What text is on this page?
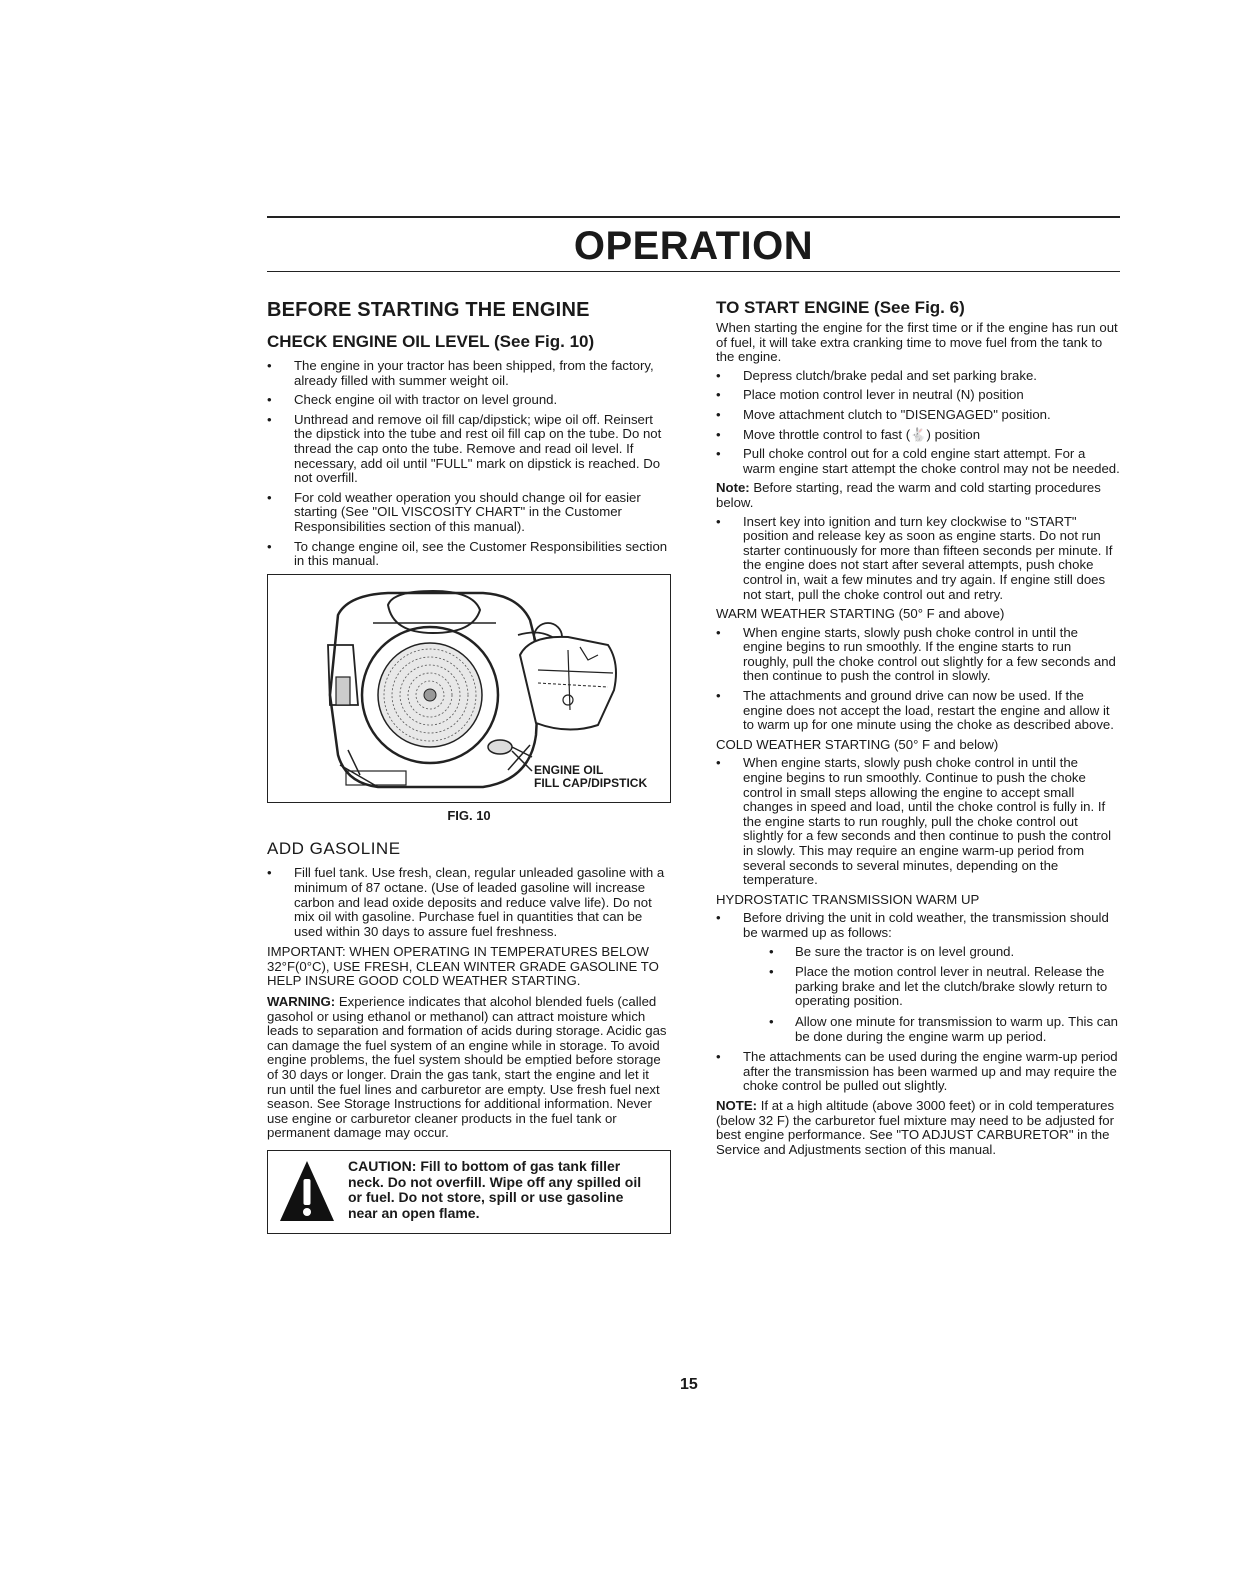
OPERATION
BEFORE STARTING THE ENGINE
CHECK ENGINE OIL LEVEL (See Fig. 10)
• The engine in your tractor has been shipped, from the factory, already filled with summer weight oil.
• Check engine oil with tractor on level ground.
• Unthread and remove oil fill cap/dipstick; wipe oil off. Reinsert the dipstick into the tube and rest oil fill cap on the tube. Do not thread the cap onto the tube. Remove and read oil level. If necessary, add oil until "FULL" mark on dipstick is reached. Do not overfill.
• For cold weather operation you should change oil for easier starting (See "OIL VISCOSITY CHART" in the Customer Responsibilities section of this manual).
• To change engine oil, see the Customer Responsibilities section in this manual.
ENGINE OIL
FILL CAP/DIPSTICK
FIG. 10
ADD GASOLINE
• Fill fuel tank. Use fresh, clean, regular unleaded gasoline with a minimum of 87 octane. (Use of leaded gasoline will increase carbon and lead oxide deposits and reduce valve life). Do not mix oil with gasoline. Purchase fuel in quantities that can be used within 30 days to assure fuel freshness.

IMPORTANT: WHEN OPERATING IN TEMPERATURES BELOW 32°F(0°C), USE FRESH, CLEAN WINTER GRADE GASOLINE TO HELP INSURE GOOD COLD WEATHER STARTING.

WARNING: Experience indicates that alcohol blended fuels (called gasohol or using ethanol or methanol) can attract moisture which leads to separation and formation of acids during storage. Acidic gas can damage the fuel system of an engine while in storage. To avoid engine problems, the fuel system should be emptied before storage of 30 days or longer. Drain the gas tank, start the engine and let it run until the fuel lines and carburetor are empty. Use fresh fuel next season. See Storage Instructions for additional information. Never use engine or carburetor cleaner products in the fuel tank or permanent damage may occur.

CAUTION: Fill to bottom of gas tank filler neck. Do not overfill. Wipe off any spilled oil or fuel. Do not store, spill or use gasoline near an open flame.
TO START ENGINE (See Fig. 6)

When starting the engine for the first time or if the engine has run out of fuel, it will take extra cranking time to move fuel from the tank to the engine.

• Depress clutch/brake pedal and set parking brake.
• Place motion control lever in neutral (N) position
• Move attachment clutch to "DISENGAGED" position.
• Move throttle control to fast (🐇) position
• Pull choke control out for a cold engine start attempt. For a warm engine start attempt the choke control may not be needed.

Note: Before starting, read the warm and cold starting procedures below.

• Insert key into ignition and turn key clockwise to "START" position and release key as soon as engine starts. Do not run starter continuously for more than fifteen seconds per minute. If the engine does not start after several attempts, push choke control in, wait a few minutes and try again. If engine still does not start, pull the choke control out and retry.

WARM WEATHER STARTING (50° F and above)

• When engine starts, slowly push choke control in until the engine begins to run smoothly. If the engine starts to run roughly, pull the choke control out slightly for a few seconds and then continue to push the control in slowly.
• The attachments and ground drive can now be used. If the engine does not accept the load, restart the engine and allow it to warm up for one minute using the choke as described above.

COLD WEATHER STARTING (50° F and below)

• When engine starts, slowly push choke control in until the engine begins to run smoothly. Continue to push the choke control in small steps allowing the engine to accept small changes in speed and load, until the choke control is fully in. If the engine starts to run roughly, pull the choke control out slightly for a few seconds and then continue to push the control in slowly. This may require an engine warm-up period from several seconds to several minutes, depending on the temperature.

HYDROSTATIC TRANSMISSION WARM UP

• Before driving the unit in cold weather, the transmission should be warmed up as follows:
• Be sure the tractor is on level ground.
• Place the motion control lever in neutral. Release the parking brake and let the clutch/brake slowly return to operating position.
• Allow one minute for transmission to warm up. This can be done during the engine warm up period.
• The attachments can be used during the engine warm-up period after the transmission has been warmed up and may require the choke control be pulled out slightly.

NOTE: If at a high altitude (above 3000 feet) or in cold temperatures (below 32 F) the carburetor fuel mixture may need to be adjusted for best engine performance. See "TO ADJUST CARBURETOR" in the Service and Adjustments section of this manual.

15
